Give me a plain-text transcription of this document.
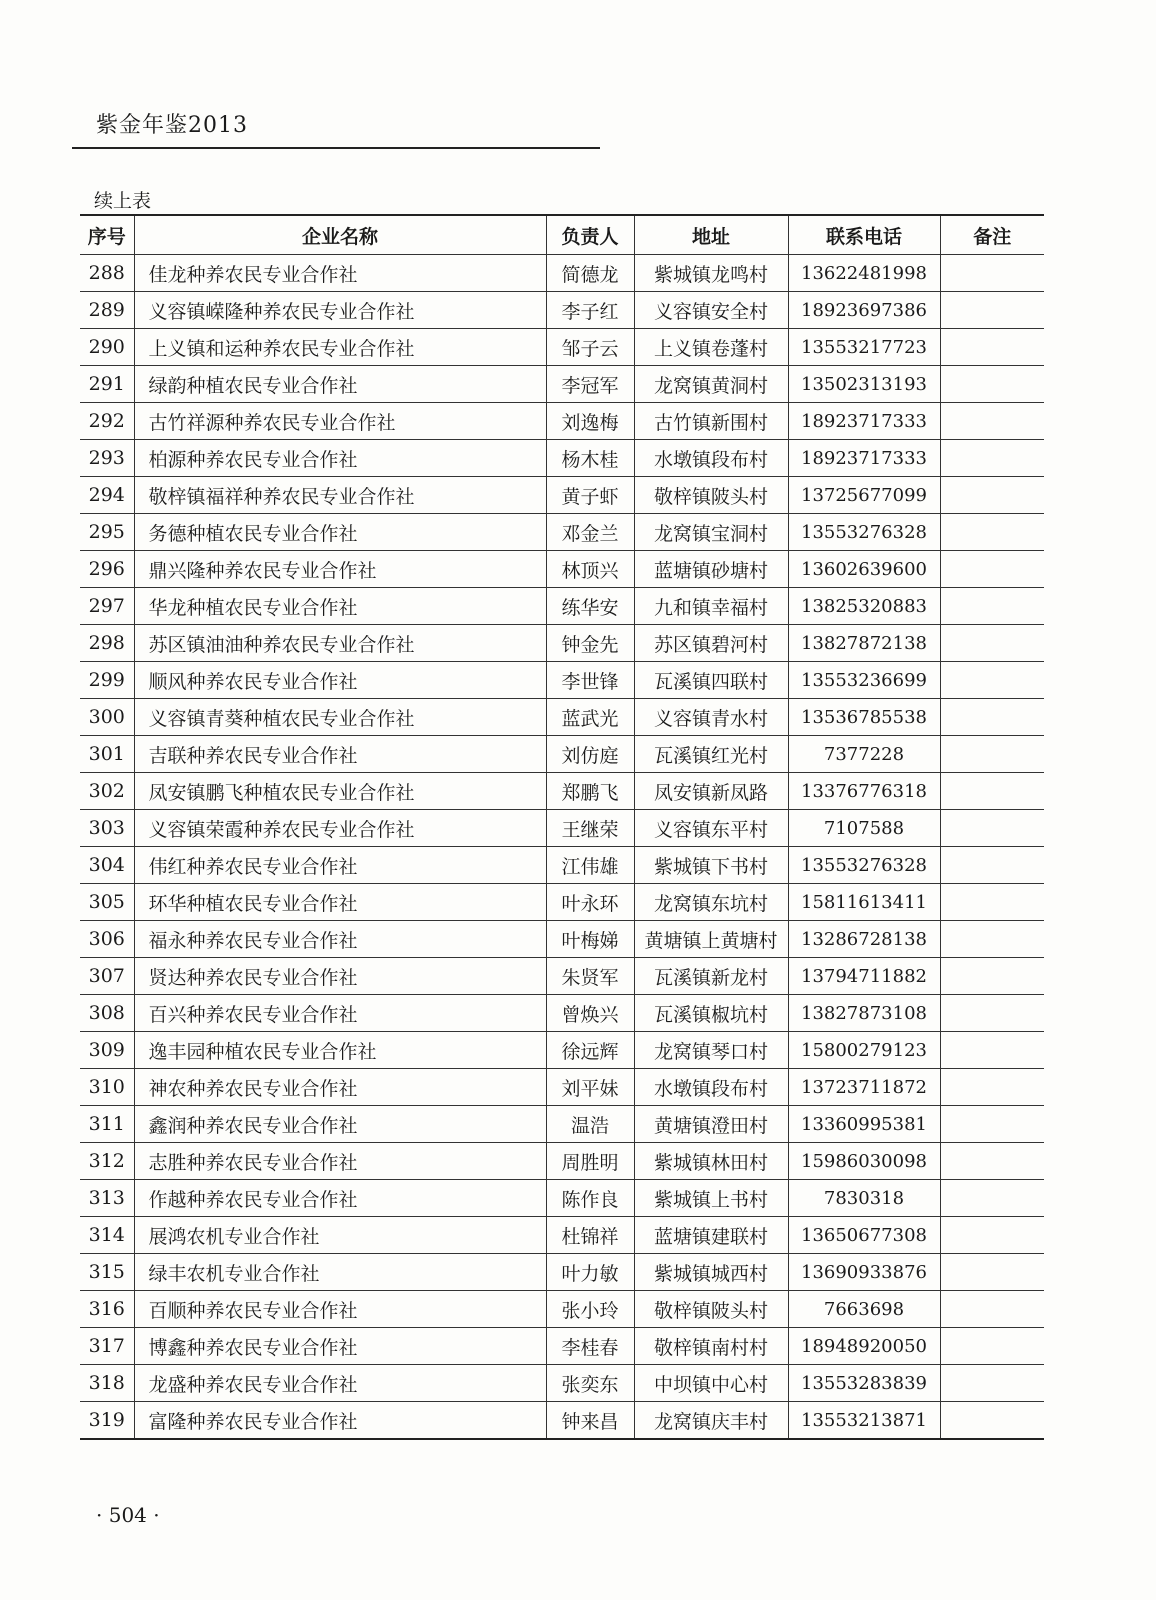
紫金年鉴2013
续上表
序号	企业名称	负责人	地址	联系电话	备注
288	佳龙种养农民专业合作社	简德龙	紫城镇龙鸣村	13622481998	
289	义容镇嵘隆种养农民专业合作社	李子红	义容镇安全村	18923697386	
290	上义镇和运种养农民专业合作社	邹子云	上义镇卷蓬村	13553217723	
291	绿韵种植农民专业合作社	李冠军	龙窝镇黄洞村	13502313193	
292	古竹祥源种养农民专业合作社	刘逸梅	古竹镇新围村	18923717333	
293	柏源种养农民专业合作社	杨木桂	水墩镇段布村	18923717333	
294	敬梓镇福祥种养农民专业合作社	黄子虾	敬梓镇陂头村	13725677099	
295	务德种植农民专业合作社	邓金兰	龙窝镇宝洞村	13553276328	
296	鼎兴隆种养农民专业合作社	林顶兴	蓝塘镇砂塘村	13602639600	
297	华龙种植农民专业合作社	练华安	九和镇幸福村	13825320883	
298	苏区镇油油种养农民专业合作社	钟金先	苏区镇碧河村	13827872138	
299	顺风种养农民专业合作社	李世锋	瓦溪镇四联村	13553236699	
300	义容镇青葵种植农民专业合作社	蓝武光	义容镇青水村	13536785538	
301	吉联种养农民专业合作社	刘仿庭	瓦溪镇红光村	7377228	
302	凤安镇鹏飞种植农民专业合作社	郑鹏飞	凤安镇新凤路	13376776318	
303	义容镇荣霞种养农民专业合作社	王继荣	义容镇东平村	7107588	
304	伟红种养农民专业合作社	江伟雄	紫城镇下书村	13553276328	
305	环华种植农民专业合作社	叶永环	龙窝镇东坑村	15811613411	
306	福永种养农民专业合作社	叶梅娣	黄塘镇上黄塘村	13286728138	
307	贤达种养农民专业合作社	朱贤军	瓦溪镇新龙村	13794711882	
308	百兴种养农民专业合作社	曾焕兴	瓦溪镇椒坑村	13827873108	
309	逸丰园种植农民专业合作社	徐远辉	龙窝镇琴口村	15800279123	
310	神农种养农民专业合作社	刘平妹	水墩镇段布村	13723711872	
311	鑫润种养农民专业合作社	温浩	黄塘镇澄田村	13360995381	
312	志胜种养农民专业合作社	周胜明	紫城镇林田村	15986030098	
313	作越种养农民专业合作社	陈作良	紫城镇上书村	7830318	
314	展鸿农机专业合作社	杜锦祥	蓝塘镇建联村	13650677308	
315	绿丰农机专业合作社	叶力敏	紫城镇城西村	13690933876	
316	百顺种养农民专业合作社	张小玲	敬梓镇陂头村	7663698	
317	博鑫种养农民专业合作社	李桂春	敬梓镇南村村	18948920050	
318	龙盛种养农民专业合作社	张奕东	中坝镇中心村	13553283839	
319	富隆种养农民专业合作社	钟来昌	龙窝镇庆丰村	13553213871	
· 504 ·
